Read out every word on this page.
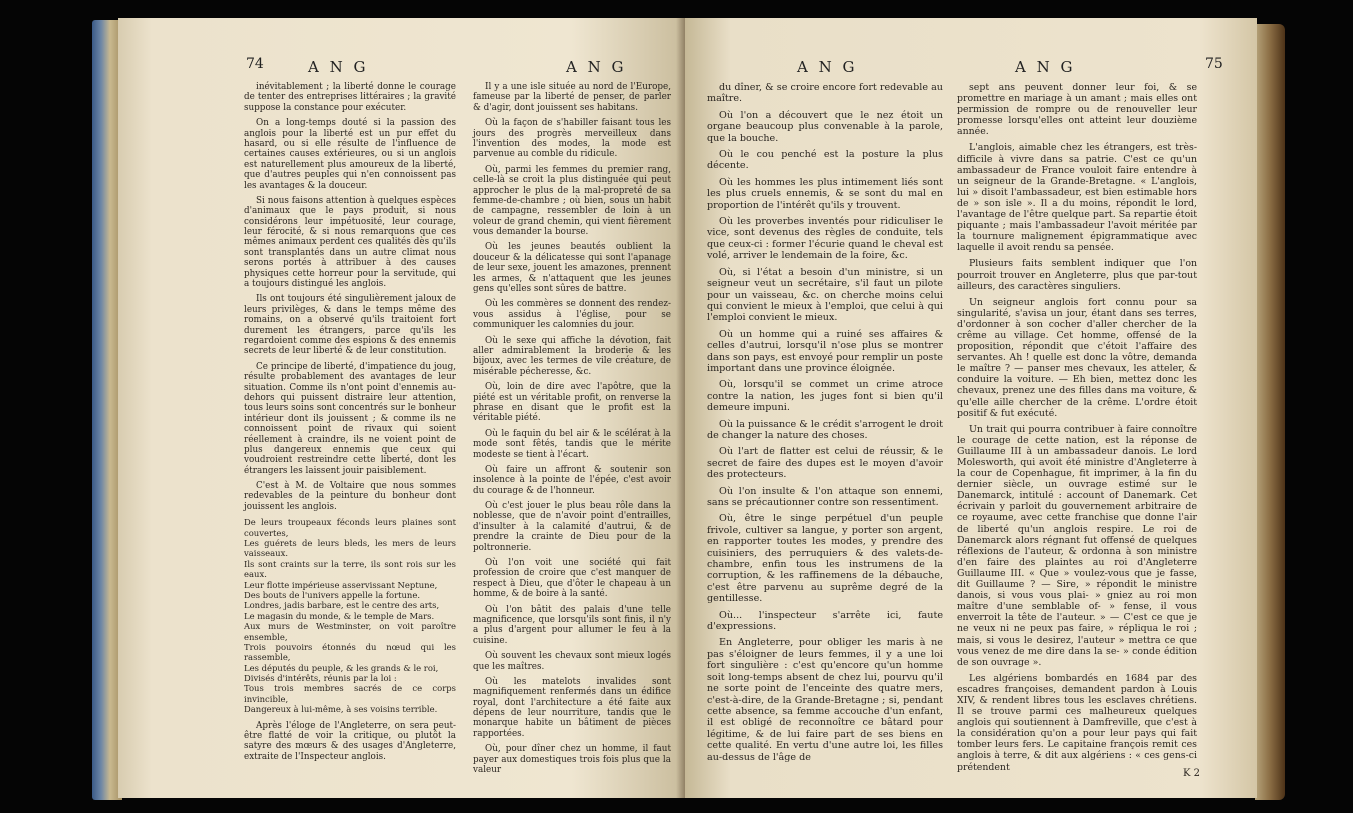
74	A N G	A N G

inévitablement ; la liberté donne le courage de tenter des entreprises littéraires ; la gravité suppose la constance pour exécuter.

On a long-temps douté si la passion des anglois pour la liberté est un pur effet du hasard, ou si elle résulte de l'influence de certaines causes extérieures, ou si un anglois est naturellement plus amoureux de la liberté, que d'autres peuples qui n'en connoissent pas les avantages & la douceur.

Si nous faisons attention à quelques espèces d'animaux que le pays produit, si nous considérons leur impétuosité, leur courage, leur férocité, & si nous remarquons que ces mêmes animaux perdent ces qualités dès qu'ils sont transplantés dans un autre climat nous serons portés à attribuer à des causes physiques cette horreur pour la servitude, qui a toujours distingué les anglois.

Ils ont toujours été singulièrement jaloux de leurs privilèges, & dans le temps même des romains, on a observé qu'ils traitoient fort durement les étrangers, parce qu'ils les regardoient comme des espions & des ennemis secrets de leur liberté & de leur constitution.

Ce principe de liberté, d'impatience du joug, résulte probablement des avantages de leur situation. Comme ils n'ont point d'ennemis au-dehors qui puissent distraire leur attention, tous leurs soins sont concentrés sur le bonheur intérieur dont ils jouissent ; & comme ils ne connoissent point de rivaux qui soient réellement à craindre, ils ne voient point de plus dangereux ennemis que ceux qui voudroient restreindre cette liberté, dont les étrangers les laissent jouir paisiblement.

C'est à M. de Voltaire que nous sommes redevables de la peinture du bonheur dont jouissent les anglois.

De leurs troupeaux féconds leurs plaines sont couvertes,

Les guérets de leurs bleds, les mers de leurs vaisseaux.

Ils sont craints sur la terre, ils sont rois sur les eaux.

Leur flotte impérieuse asservissant Neptune,

Des bouts de l'univers appelle la fortune.

Londres, jadis barbare, est le centre des arts,

Le magasin du monde, & le temple de Mars.

Aux murs de Westminster, on voit paroître ensemble,

Trois pouvoirs étonnés du nœud qui les rassemble,

Les députés du peuple, & les grands & le roi,

Divisés d'intérêts, réunis par la loi :

Tous trois membres sacrés de ce corps invincible,

Dangereux à lui-même, à ses voisins terrible.

Après l'éloge de l'Angleterre, on sera peut-être flatté de voir la critique, ou plutôt la satyre des mœurs & des usages d'Angleterre, extraite de l'Inspecteur anglois.

Il y a une isle située au nord de l'Europe, fameuse par la liberté de penser, de parler & d'agir, dont jouissent ses habitans.

Où la façon de s'habiller faisant tous les jours des progrès merveilleux dans l'invention des modes, la mode est parvenue au comble du ridicule.

Où, parmi les femmes du premier rang, celle-là se croit la plus distinguée qui peut approcher le plus de la mal-propreté de sa femme-de-chambre ; où bien, sous un habit de campagne, ressembler de loin à un voleur de grand chemin, qui vient fièrement vous demander la bourse.

Où les jeunes beautés oublient la douceur & la délicatesse qui sont l'apanage de leur sexe, jouent les amazones, prennent les armes, & n'attaquent que les jeunes gens qu'elles sont sûres de battre.

Où les commères se donnent des rendez-vous assidus à l'église, pour se communiquer les calomnies du jour.

Où le sexe qui affiche la dévotion, fait aller admirablement la broderie & les bijoux, avec les termes de vile créature, de misérable pécheresse, &c.

Où, loin de dire avec l'apôtre, que la piété est un véritable profit, on renverse la phrase en disant que le profit est la véritable piété.

Où le faquin du bel air & le scélérat à la mode sont fêtés, tandis que le mérite modeste se tient à l'écart.

Où faire un affront & soutenir son insolence à la pointe de l'épée, c'est avoir du courage & de l'honneur.

Où c'est jouer le plus beau rôle dans la noblesse, que de n'avoir point d'entrailles, d'insulter à la calamité d'autrui, & de prendre la crainte de Dieu pour de la poltronnerie.

Où l'on voit une société qui fait profession de croire que c'est manquer de respect à Dieu, que d'ôter le chapeau à un homme, & de boire à la santé.

Où l'on bâtit des palais d'une telle magnificence, que lorsqu'ils sont finis, il n'y a plus d'argent pour allumer le feu à la cuisine.

Où souvent les chevaux sont mieux logés que les maîtres.

Où les matelots invalides sont magnifiquement renfermés dans un édifice royal, dont l'architecture a été faite aux dépens de leur nourriture, tandis que le monarque habite un bâtiment de pièces rapportées.

Où, pour dîner chez un homme, il faut payer aux domestiques trois fois plus que la valeur

A N G	A N G	75

du dîner, & se croire encore fort redevable au maître.

Où l'on a découvert que le nez étoit un organe beaucoup plus convenable à la parole, que la bouche.

Où le cou penché est la posture la plus décente.

Où les hommes les plus intimement liés sont les plus cruels ennemis, & se sont du mal en proportion de l'intérêt qu'ils y trouvent.

Où les proverbes inventés pour ridiculiser le vice, sont devenus des règles de conduite, tels que ceux-ci : former l'écurie quand le cheval est volé, arriver le lendemain de la foire, &c.

Où, si l'état a besoin d'un ministre, si un seigneur veut un secrétaire, s'il faut un pilote pour un vaisseau, &c. on cherche moins celui qui convient le mieux à l'emploi, que celui à qui l'emploi convient le mieux.

Où un homme qui a ruiné ses affaires & celles d'autrui, lorsqu'il n'ose plus se montrer dans son pays, est envoyé pour remplir un poste important dans une province éloignée.

Où, lorsqu'il se commet un crime atroce contre la nation, les juges font si bien qu'il demeure impuni.

Où la puissance & le crédit s'arrogent le droit de changer la nature des choses.

Où l'art de flatter est celui de réussir, & le secret de faire des dupes est le moyen d'avoir des protecteurs.

Où l'on insulte & l'on attaque son ennemi, sans se précautionner contre son ressentiment.

Où, être le singe perpétuel d'un peuple frivole, cultiver sa langue, y porter son argent, en rapporter toutes les modes, y prendre des cuisiniers, des perruquiers & des valets-de-chambre, enfin tous les instrumens de la corruption, & les raffinemens de la débauche, c'est être parvenu au suprême degré de la gentillesse.

Où... l'inspecteur s'arrête ici, faute d'expressions.

En Angleterre, pour obliger les maris à ne pas s'éloigner de leurs femmes, il y a une loi fort singulière : c'est qu'encore qu'un homme soit long-temps absent de chez lui, pourvu qu'il ne sorte point de l'enceinte des quatre mers, c'est-à-dire, de la Grande-Bretagne ; si, pendant cette absence, sa femme accouche d'un enfant, il est obligé de reconnoître ce bâtard pour légitime, & de lui faire part de ses biens en cette qualité. En vertu d'une autre loi, les filles au-dessus de l'âge de

sept ans peuvent donner leur foi, & se promettre en mariage à un amant ; mais elles ont permission de rompre ou de renouveller leur promesse lorsqu'elles ont atteint leur douzième année.

L'anglois, aimable chez les étrangers, est très-difficile à vivre dans sa patrie. C'est ce qu'un ambassadeur de France vouloit faire entendre à un seigneur de la Grande-Bretagne. « L'anglois, lui » disoit l'ambassadeur, est bien estimable hors de » son isle ». Il a du moins, répondit le lord, l'avantage de l'être quelque part. Sa repartie étoit piquante ; mais l'ambassadeur l'avoit méritée par la tournure malignement épigrammatique avec laquelle il avoit rendu sa pensée.

Plusieurs faits semblent indiquer que l'on pourroit trouver en Angleterre, plus que par-tout ailleurs, des caractères singuliers.

Un seigneur anglois fort connu pour sa singularité, s'avisa un jour, étant dans ses terres, d'ordonner à son cocher d'aller chercher de la crême au village. Cet homme, offensé de la proposition, répondit que c'étoit l'affaire des servantes. Ah ! quelle est donc la vôtre, demanda le maître ? — panser mes chevaux, les atteler, & conduire la voiture. — Eh bien, mettez donc les chevaux, prenez une des filles dans ma voiture, & qu'elle aille chercher de la crême. L'ordre étoit positif & fut exécuté.

Un trait qui pourra contribuer à faire connoître le courage de cette nation, est la réponse de Guillaume III à un ambassadeur danois. Le lord Molesworth, qui avoit été ministre d'Angleterre à la cour de Copenhague, fit imprimer, à la fin du dernier siècle, un ouvrage estimé sur le Danemarck, intitulé : account of Danemark. Cet écrivain y parloit du gouvernement arbitraire de ce royaume, avec cette franchise que donne l'air de liberté qu'un anglois respire. Le roi de Danemarck alors régnant fut offensé de quelques réflexions de l'auteur, & ordonna à son ministre d'en faire des plaintes au roi d'Angleterre Guillaume III. « Que » voulez-vous que je fasse, dit Guillaume ? — Sire, » répondit le ministre danois, si vous vous plai- » gniez au roi mon maître d'une semblable of- » fense, il vous enverroit la tête de l'auteur. » — C'est ce que je ne veux ni ne peux pas faire, » répliqua le roi ; mais, si vous le desirez, l'auteur » mettra ce que vous venez de me dire dans la se- » conde édition de son ouvrage ».

Les algériens bombardés en 1684 par des escadres françoises, demandent pardon à Louis XIV, & rendent libres tous les esclaves chrétiens. Il se trouve parmi ces malheureux quelques anglois qui soutiennent à Damfreville, que c'est à la considération qu'on a pour leur pays qui fait tomber leurs fers. Le capitaine françois remit ces anglois à terre, & dit aux algériens : « ces gens-ci prétendent

K 2
